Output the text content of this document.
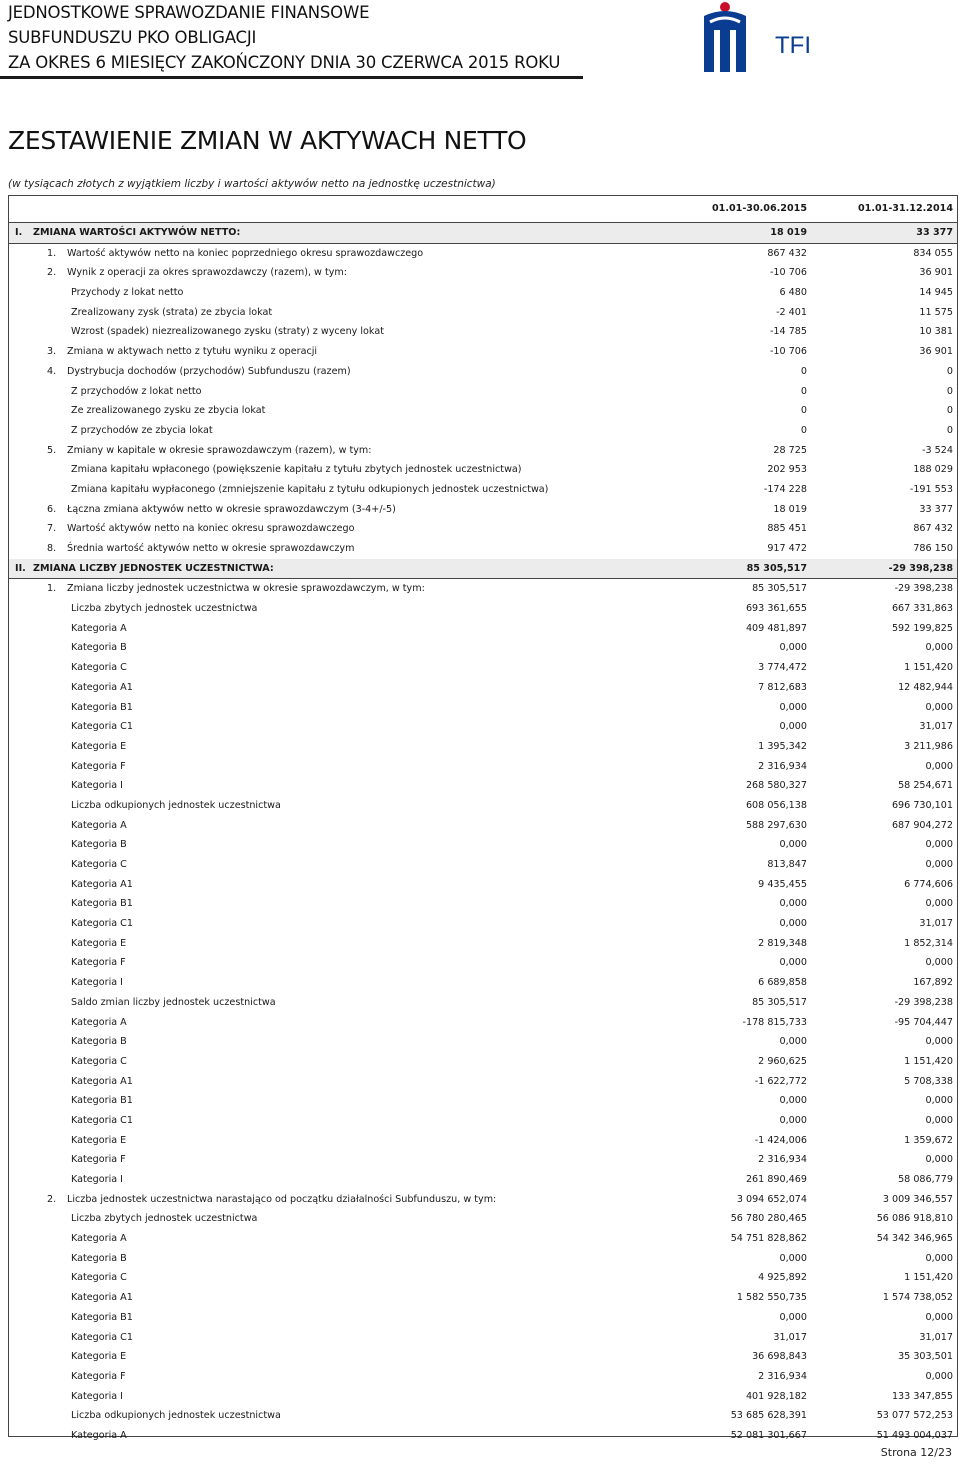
JEDNOSTKOWE SPRAWOZDANIE FINANSOWE
SUBFUNDUSZU PKO OBLIGACJI
ZA OKRES 6 MIESIĘCY ZAKOŃCZONY DNIA 30 CZERWCA 2015 ROKU
TFI
ZESTAWIENIE ZMIAN W AKTYWACH NETTO
(w tysiącach złotych z wyjątkiem liczby i wartości aktywów netto na jednostkę uczestnictwa)
01.01-30.06.2015	01.01-31.12.2014
I. ZMIANA WARTOŚCI AKTYWÓW NETTO:	18 019	33 377
1. Wartość aktywów netto na koniec poprzedniego okresu sprawozdawczego	867 432	834 055
2. Wynik z operacji za okres sprawozdawczy (razem), w tym:	-10 706	36 901
Przychody z lokat netto	6 480	14 945
Zrealizowany zysk (strata) ze zbycia lokat	-2 401	11 575
Wzrost (spadek) niezrealizowanego zysku (straty) z wyceny lokat	-14 785	10 381
3. Zmiana w aktywach netto z tytułu wyniku z operacji	-10 706	36 901
4. Dystrybucja dochodów (przychodów) Subfunduszu (razem)	0	0
Z przychodów z lokat netto	0	0
Ze zrealizowanego zysku ze zbycia lokat	0	0
Z przychodów ze zbycia lokat	0	0
5. Zmiany w kapitale w okresie sprawozdawczym (razem), w tym:	28 725	-3 524
Zmiana kapitału wpłaconego (powiększenie kapitału z tytułu zbytych jednostek uczestnictwa)	202 953	188 029
Zmiana kapitału wypłaconego (zmniejszenie kapitału z tytułu odkupionych jednostek uczestnictwa)	-174 228	-191 553
6. Łączna zmiana aktywów netto w okresie sprawozdawczym (3-4+/-5)	18 019	33 377
7. Wartość aktywów netto na koniec okresu sprawozdawczego	885 451	867 432
8. Średnia wartość aktywów netto w okresie sprawozdawczym	917 472	786 150
II. ZMIANA LICZBY JEDNOSTEK UCZESTNICTWA:	85 305,517	-29 398,238
1. Zmiana liczby jednostek uczestnictwa w okresie sprawozdawczym, w tym:	85 305,517	-29 398,238
Liczba zbytych jednostek uczestnictwa	693 361,655	667 331,863
Kategoria A	409 481,897	592 199,825
Kategoria B	0,000	0,000
Kategoria C	3 774,472	1 151,420
Kategoria A1	7 812,683	12 482,944
Kategoria B1	0,000	0,000
Kategoria C1	0,000	31,017
Kategoria E	1 395,342	3 211,986
Kategoria F	2 316,934	0,000
Kategoria I	268 580,327	58 254,671
Liczba odkupionych jednostek uczestnictwa	608 056,138	696 730,101
Kategoria A	588 297,630	687 904,272
Kategoria B	0,000	0,000
Kategoria C	813,847	0,000
Kategoria A1	9 435,455	6 774,606
Kategoria B1	0,000	0,000
Kategoria C1	0,000	31,017
Kategoria E	2 819,348	1 852,314
Kategoria F	0,000	0,000
Kategoria I	6 689,858	167,892
Saldo zmian liczby jednostek uczestnictwa	85 305,517	-29 398,238
Kategoria A	-178 815,733	-95 704,447
Kategoria B	0,000	0,000
Kategoria C	2 960,625	1 151,420
Kategoria A1	-1 622,772	5 708,338
Kategoria B1	0,000	0,000
Kategoria C1	0,000	0,000
Kategoria E	-1 424,006	1 359,672
Kategoria F	2 316,934	0,000
Kategoria I	261 890,469	58 086,779
2. Liczba jednostek uczestnictwa narastająco od początku działalności Subfunduszu, w tym:	3 094 652,074	3 009 346,557
Liczba zbytych jednostek uczestnictwa	56 780 280,465	56 086 918,810
Kategoria A	54 751 828,862	54 342 346,965
Kategoria B	0,000	0,000
Kategoria C	4 925,892	1 151,420
Kategoria A1	1 582 550,735	1 574 738,052
Kategoria B1	0,000	0,000
Kategoria C1	31,017	31,017
Kategoria E	36 698,843	35 303,501
Kategoria F	2 316,934	0,000
Kategoria I	401 928,182	133 347,855
Liczba odkupionych jednostek uczestnictwa	53 685 628,391	53 077 572,253
Kategoria A	52 081 301,667	51 493 004,037
Strona 12/23
